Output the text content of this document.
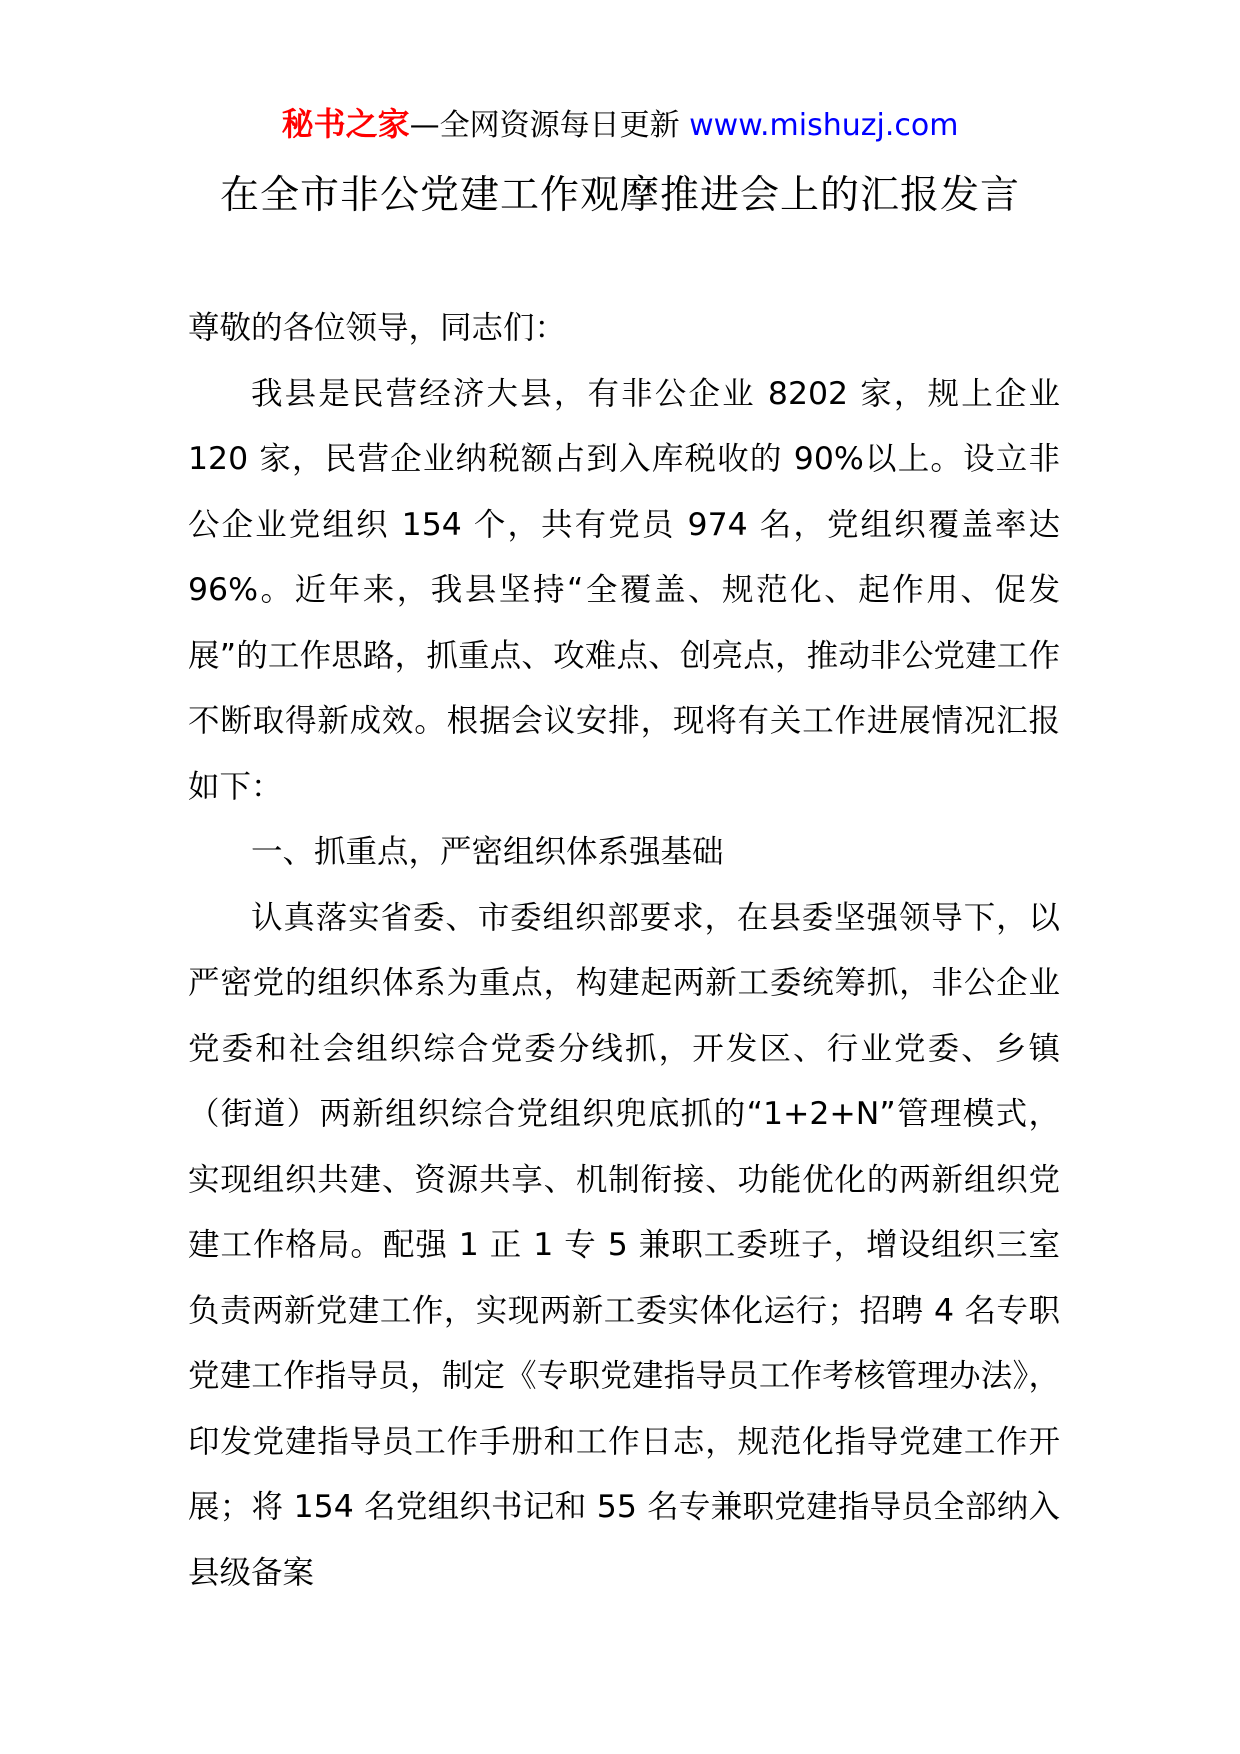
秘书之家—全网资源每日更新 www.mishuzj.com
在全市非公党建工作观摩推进会上的汇报发言

尊敬的各位领导，同志们：

我县是民营经济大县，有非公企业 8202 家，规上企业 120 家，民营企业纳税额占到入库税收的 90%以上。设立非公企业党组织 154 个，共有党员 974 名，党组织覆盖率达 96%。近年来，我县坚持“全覆盖、规范化、起作用、促发展”的工作思路，抓重点、攻难点、创亮点，推动非公党建工作不断取得新成效。根据会议安排，现将有关工作进展情况汇报如下：

一、抓重点，严密组织体系强基础

认真落实省委、市委组织部要求，在县委坚强领导下，以严密党的组织体系为重点，构建起两新工委统筹抓，非公企业党委和社会组织综合党委分线抓，开发区、行业党委、乡镇（街道）两新组织综合党组织兜底抓的“1+2+N”管理模式，实现组织共建、资源共享、机制衔接、功能优化的两新组织党建工作格局。配强 1 正 1 专 5 兼职工委班子，增设组织三室负责两新党建工作，实现两新工委实体化运行；招聘 4 名专职党建工作指导员，制定《专职党建指导员工作考核管理办法》，印发党建指导员工作手册和工作日志，规范化指导党建工作开展；将 154 名党组织书记和 55 名专兼职党建指导员全部纳入县级备案
